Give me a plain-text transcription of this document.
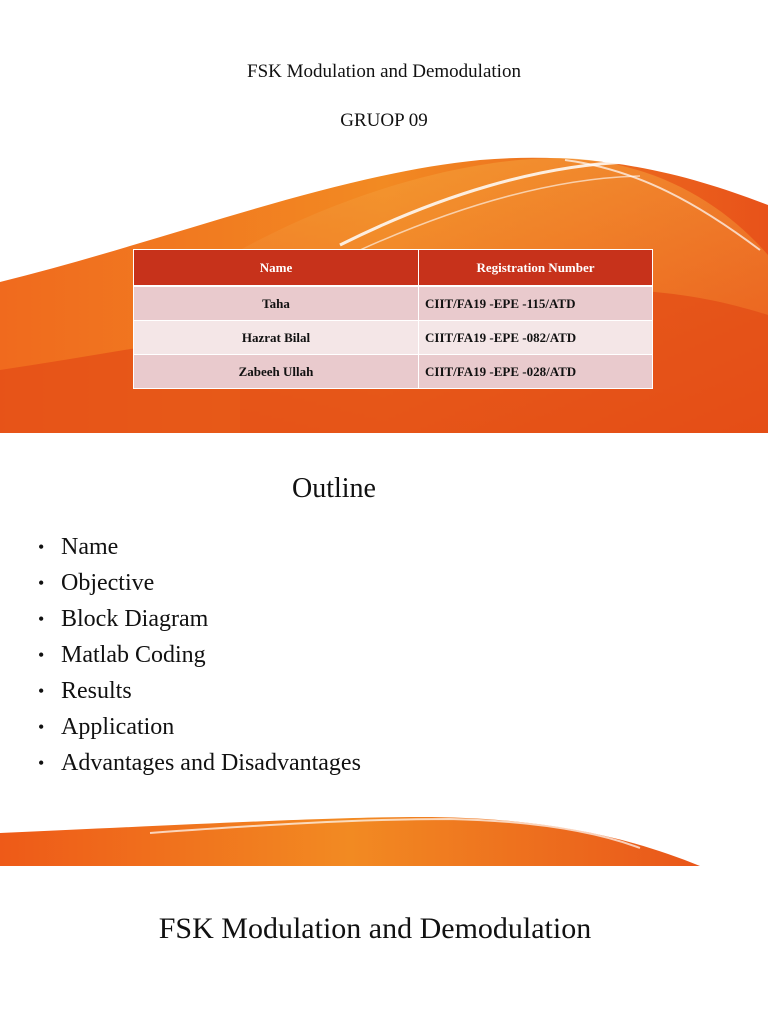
FSK Modulation and Demodulation
GRUOP 09
Name	Registration Number
Taha	CIIT/FA19 -EPE -115/ATD
Hazrat Bilal	CIIT/FA19 -EPE -082/ATD
Zabeeh Ullah	CIIT/FA19 -EPE -028/ATD
Outline
• Name
• Objective
• Block Diagram
• Matlab Coding
• Results
• Application
• Advantages and Disadvantages
FSK Modulation and Demodulation
